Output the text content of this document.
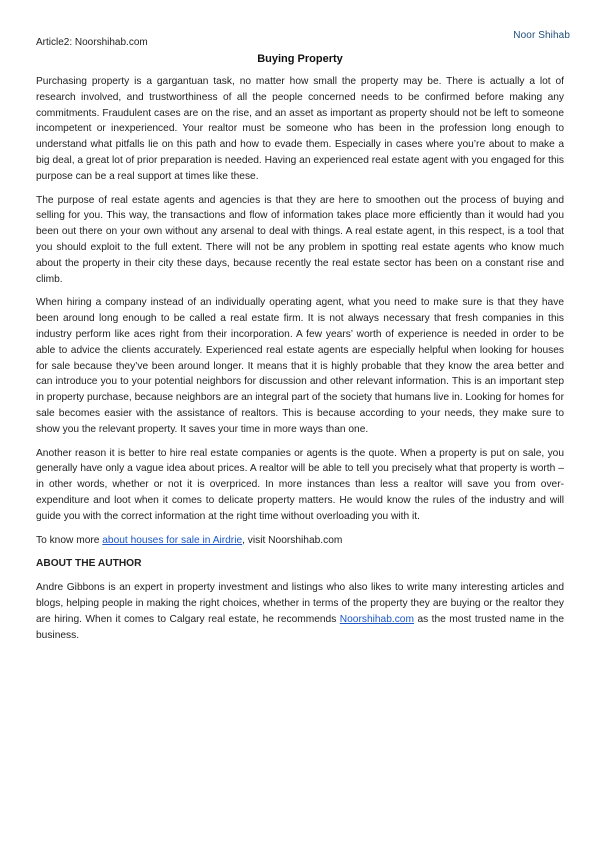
Article2: Noorshihab.com
Noor Shihab
Buying Property

Purchasing property is a gargantuan task, no matter how small the property may be. There is actually a lot of research involved, and trustworthiness of all the people concerned needs to be confirmed before making any commitments. Fraudulent cases are on the rise, and an asset as important as property should not be left to someone incompetent or inexperienced. Your realtor must be someone who has been in the profession long enough to understand what pitfalls lie on this path and how to evade them. Especially in cases where you’re about to make a big deal, a great lot of prior preparation is needed. Having an experienced real estate agent with you engaged for this purpose can be a real support at times like these.

The purpose of real estate agents and agencies is that they are here to smoothen out the process of buying and selling for you. This way, the transactions and flow of information takes place more efficiently than it would had you been out there on your own without any arsenal to deal with things. A real estate agent, in this respect, is a tool that you should exploit to the full extent. There will not be any problem in spotting real estate agents who know much about the property in their city these days, because recently the real estate sector has been on a constant rise and climb.

When hiring a company instead of an individually operating agent, what you need to make sure is that they have been around long enough to be called a real estate firm. It is not always necessary that fresh companies in this industry perform like aces right from their incorporation. A few years’ worth of experience is needed in order to be able to advice the clients accurately. Experienced real estate agents are especially helpful when looking for houses for sale because they’ve been around longer. It means that it is highly probable that they know the area better and can introduce you to your potential neighbors for discussion and other relevant information. This is an important step in property purchase, because neighbors are an integral part of the society that humans live in. Looking for homes for sale becomes easier with the assistance of realtors. This is because according to your needs, they make sure to show you the relevant property. It saves your time in more ways than one.

Another reason it is better to hire real estate companies or agents is the quote. When a property is put on sale, you generally have only a vague idea about prices. A realtor will be able to tell you precisely what that property is worth – in other words, whether or not it is overpriced. In more instances than less a realtor will save you from over-expenditure and loot when it comes to delicate property matters. He would know the rules of the industry and will guide you with the correct information at the right time without overloading you with it.

To know more about houses for sale in Airdrie, visit Noorshihab.com

ABOUT THE AUTHOR

Andre Gibbons is an expert in property investment and listings who also likes to write many interesting articles and blogs, helping people in making the right choices, whether in terms of the property they are buying or the realtor they are hiring. When it comes to Calgary real estate, he recommends Noorshihab.com as the most trusted name in the business.
